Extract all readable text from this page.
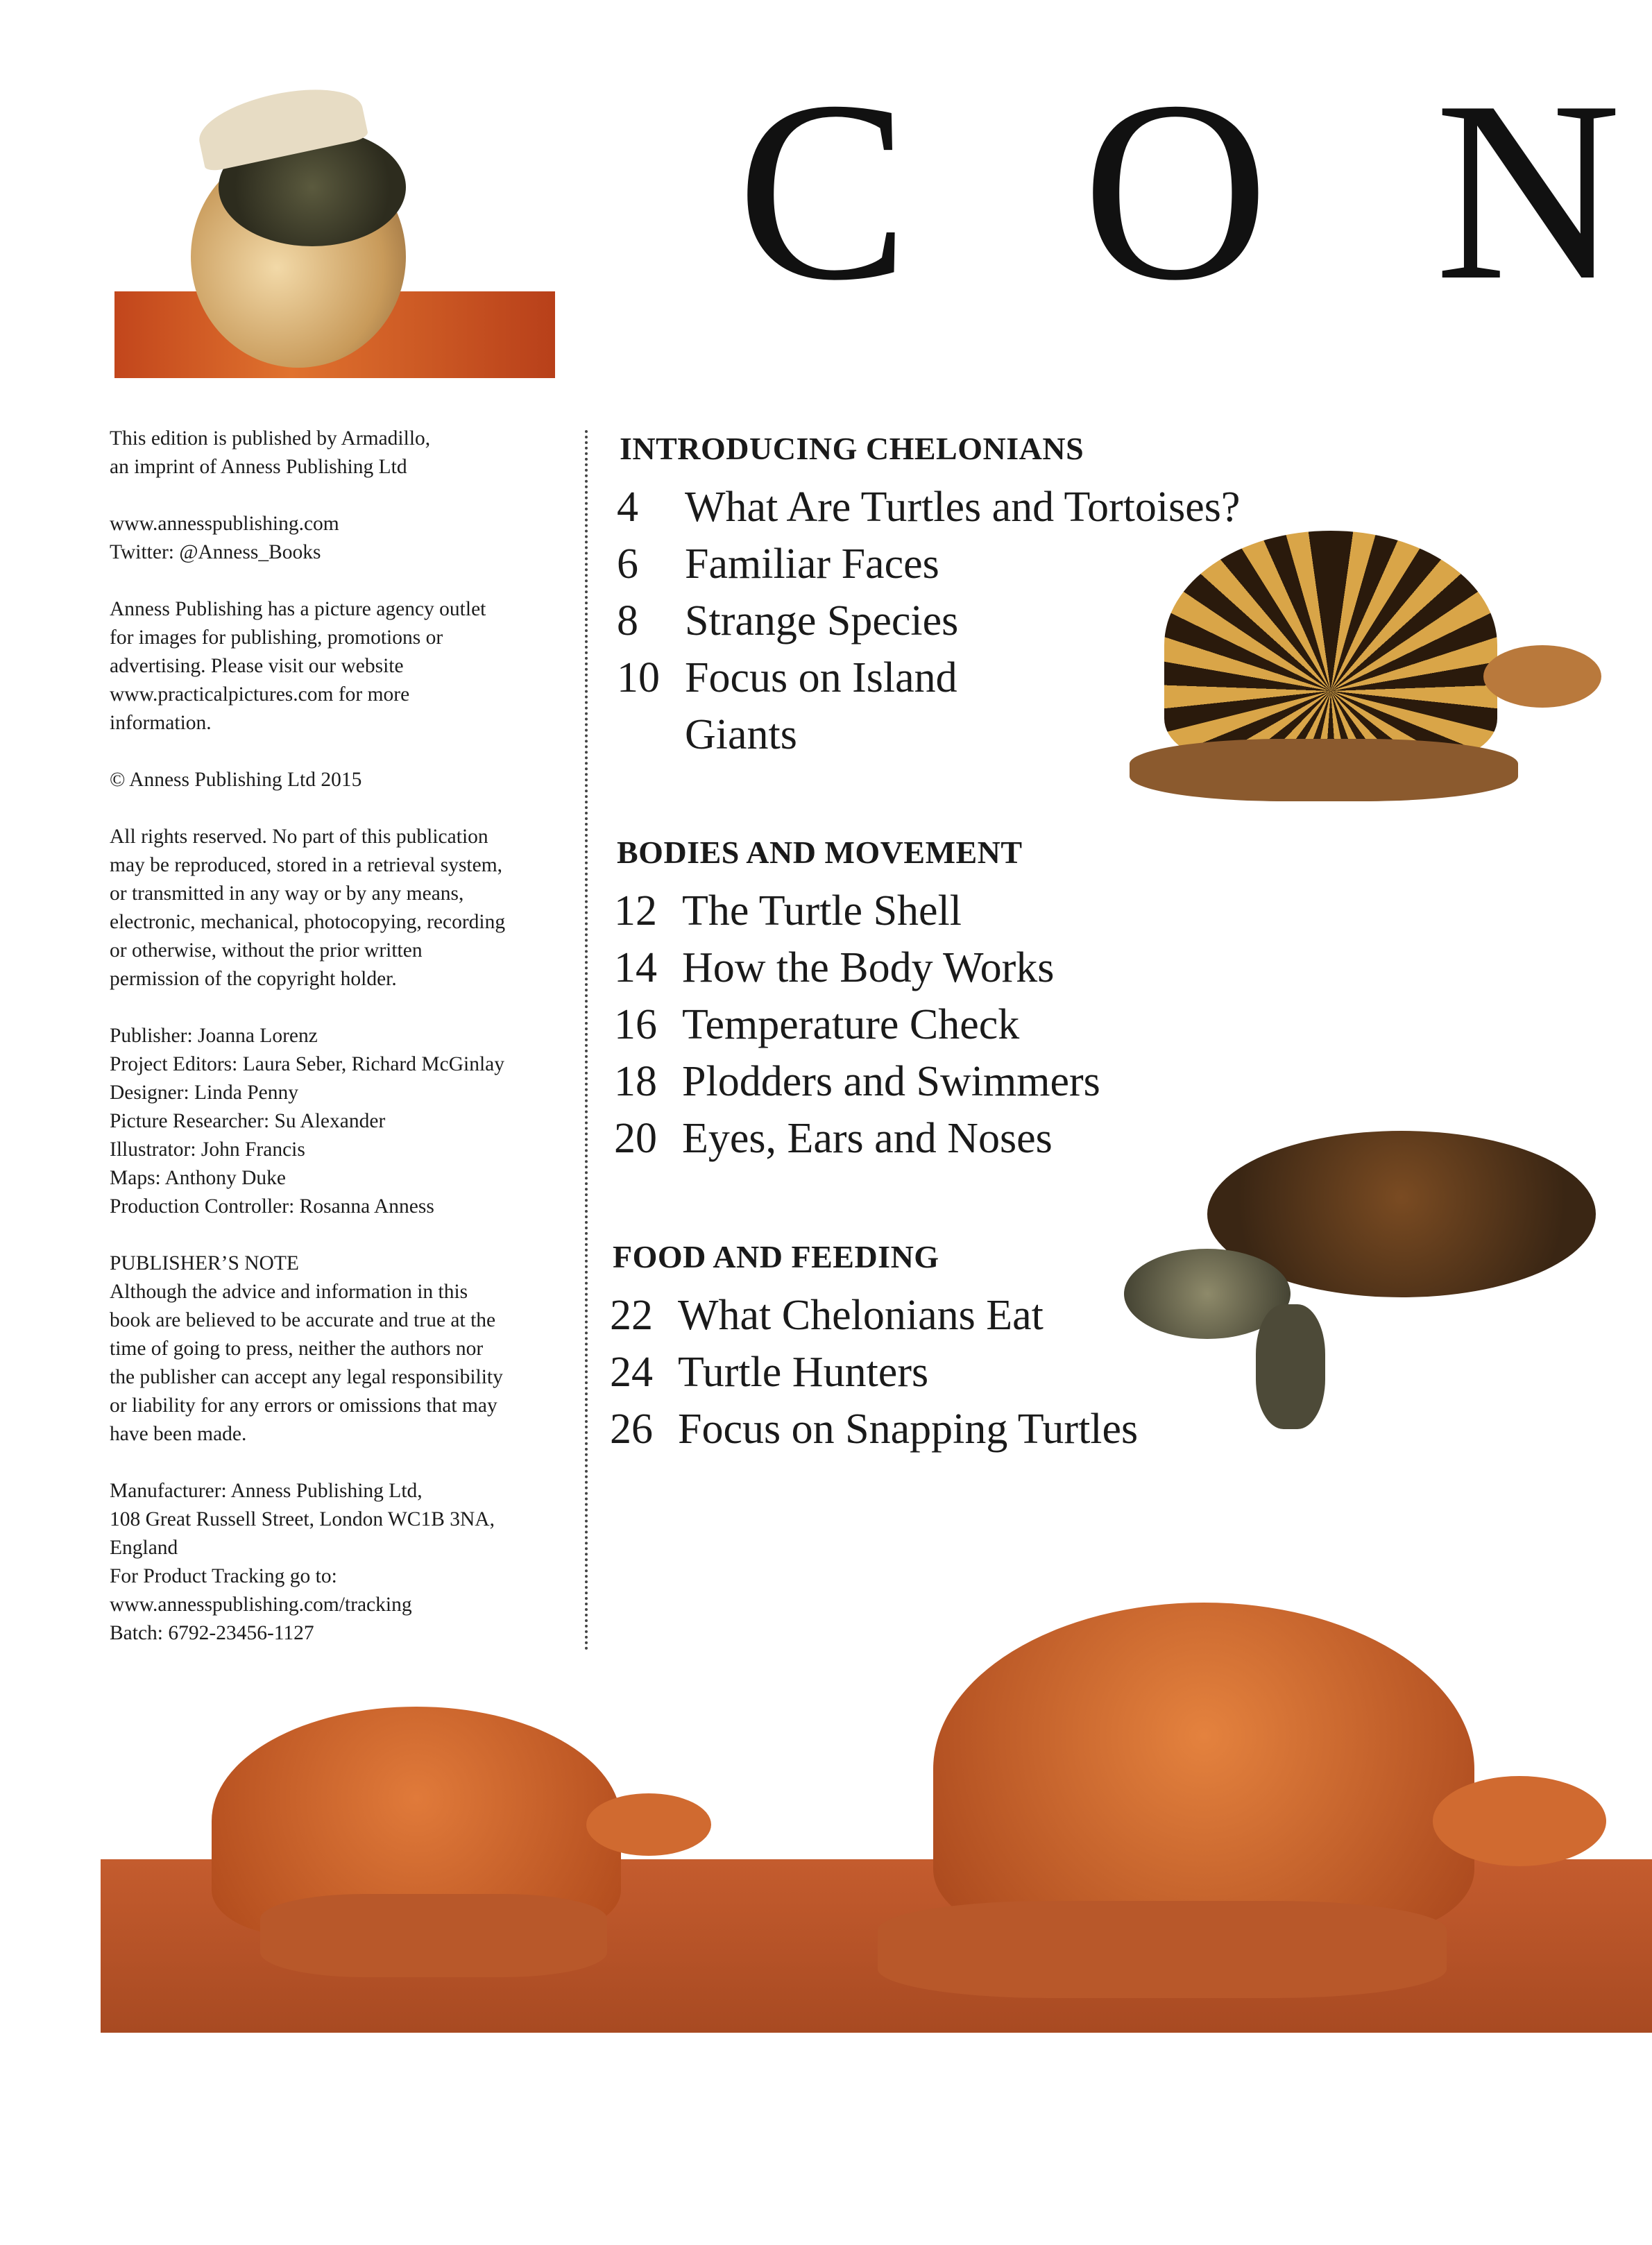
C O N

This edition is published by Armadillo,
an imprint of Anness Publishing Ltd

www.annesspublishing.com
Twitter: @Anness_Books

Anness Publishing has a picture agency outlet
for images for publishing, promotions or
advertising. Please visit our website
www.practicalpictures.com for more
information.

© Anness Publishing Ltd 2015

All rights reserved. No part of this publication
may be reproduced, stored in a retrieval system,
or transmitted in any way or by any means,
electronic, mechanical, photocopying, recording
or otherwise, without the prior written
permission of the copyright holder.

Publisher: Joanna Lorenz
Project Editors: Laura Seber, Richard McGinlay
Designer: Linda Penny
Picture Researcher: Su Alexander
Illustrator: John Francis
Maps: Anthony Duke
Production Controller: Rosanna Anness

PUBLISHER’S NOTE
Although the advice and information in this
book are believed to be accurate and true at the
time of going to press, neither the authors nor
the publisher can accept any legal responsibility
or liability for any errors or omissions that may
have been made.

Manufacturer: Anness Publishing Ltd,
108 Great Russell Street, London WC1B 3NA,
England
For Product Tracking go to:
www.annesspublishing.com/tracking
Batch: 6792-23456-1127

INTRODUCING CHELONIANS
4 What Are Turtles and Tortoises?
6 Familiar Faces
8 Strange Species
10 Focus on Island
Giants
BODIES AND MOVEMENT
12 The Turtle Shell
14 How the Body Works
16 Temperature Check
18 Plodders and Swimmers
20 Eyes, Ears and Noses
FOOD AND FEEDING
22 What Chelonians Eat
24 Turtle Hunters
26 Focus on Snapping Turtles
